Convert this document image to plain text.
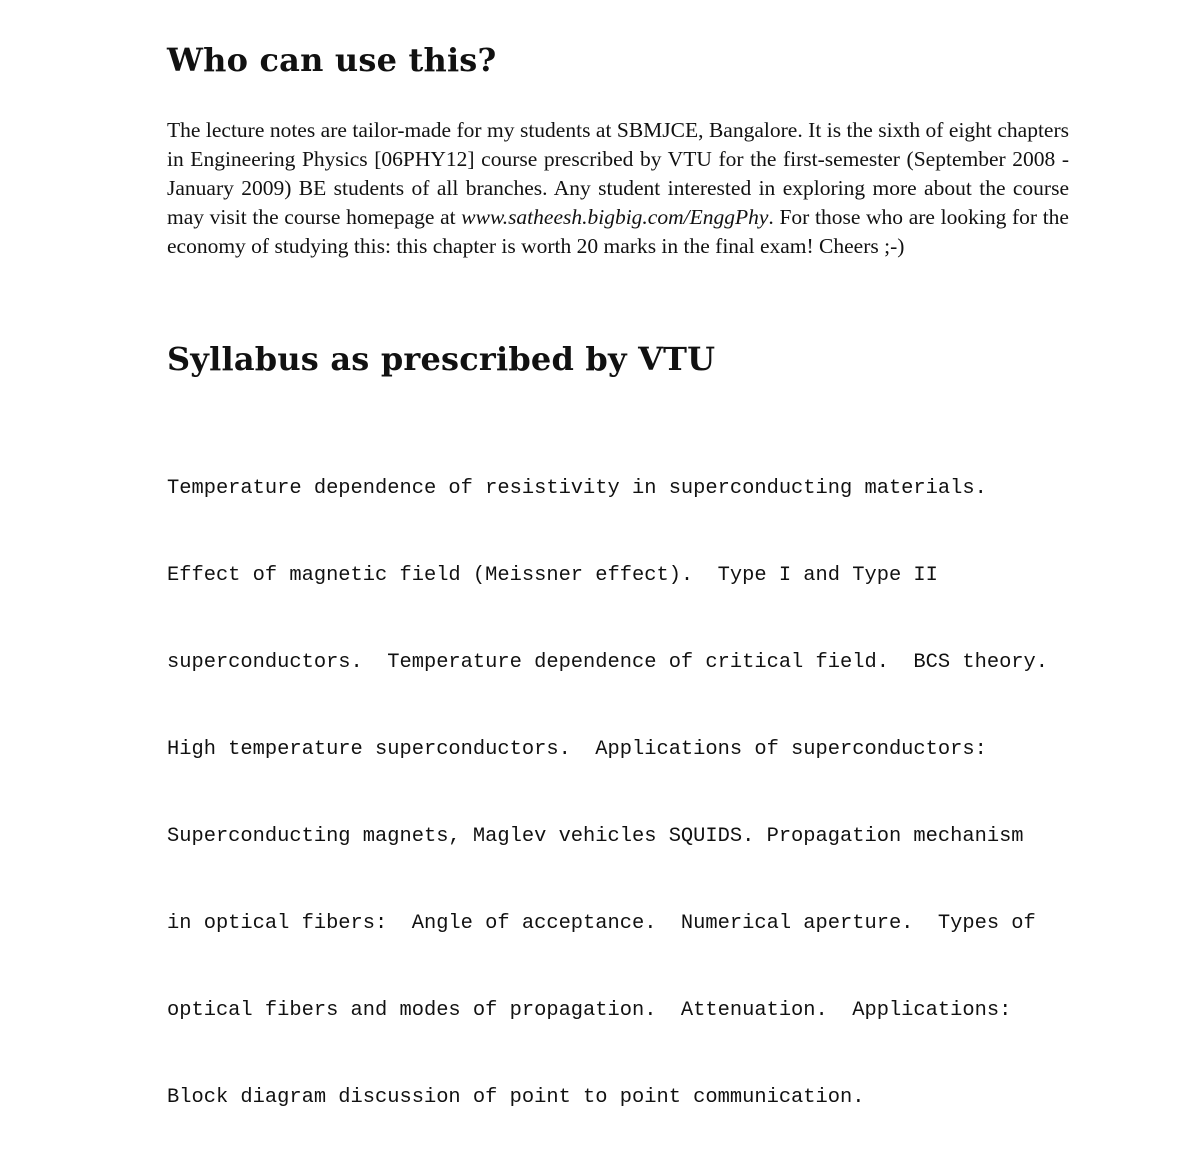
Who can use this?

The lecture notes are tailor-made for my students at SBMJCE, Bangalore. It is the sixth of eight chapters in Engineering Physics [06PHY12] course prescribed by VTU for the first-semester (September 2008 - January 2009) BE students of all branches. Any student interested in exploring more about the course may visit the course homepage at www.satheesh.bigbig.com/EnggPhy. For those who are looking for the economy of studying this: this chapter is worth 20 marks in the final exam! Cheers ;-)

Syllabus as prescribed by VTU

Temperature dependence of resistivity in superconducting materials.

Effect of magnetic field (Meissner effect).  Type I and Type II

superconductors.  Temperature dependence of critical field.  BCS theory.

High temperature superconductors.  Applications of superconductors:

Superconducting magnets, Maglev vehicles SQUIDS. Propagation mechanism

in optical fibers:  Angle of acceptance.  Numerical aperture.  Types of

optical fibers and modes of propagation.  Attenuation.  Applications:

Block diagram discussion of point to point communication.
